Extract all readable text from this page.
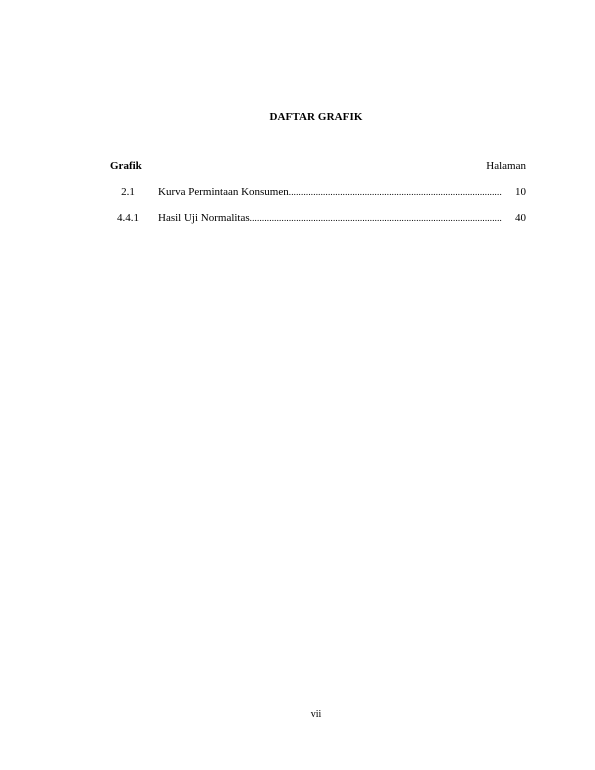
DAFTAR GRAFIK
Grafik	Halaman
2.1	Kurva Permintaan Konsumen .....	10
4.4.1	Hasil Uji Normalitas .....	40
vii
